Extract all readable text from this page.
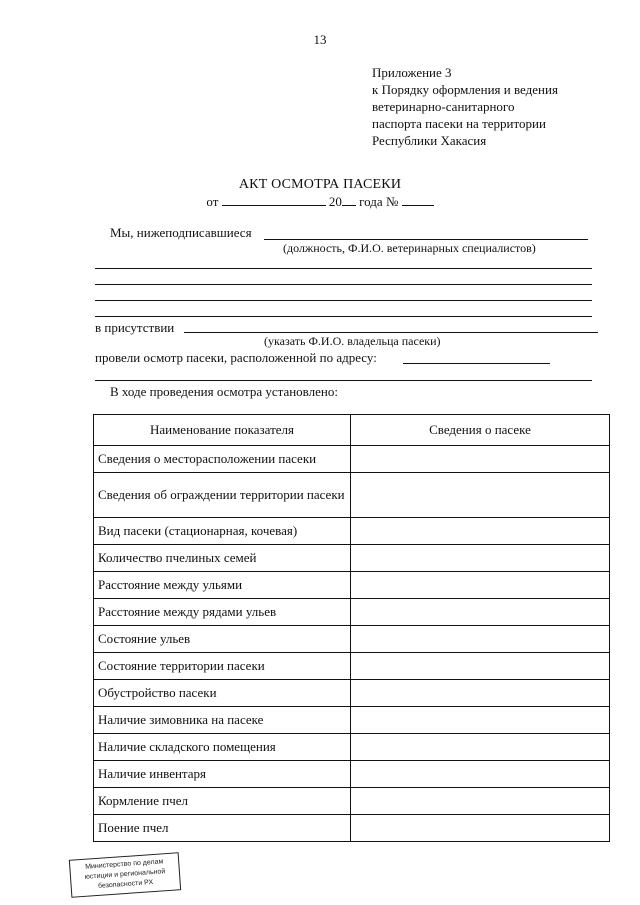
13
Приложение 3
к Порядку оформления и ведения
ветеринарно-санитарного
паспорта пасеки на территории
Республики Хакасия
АКТ ОСМОТРА ПАСЕКИ
от	20 года №
Мы, нижеподписавшиеся
(должность, Ф.И.О. ветеринарных специалистов)
в присутствии
(указать Ф.И.О. владельца пасеки)
провели осмотр пасеки, расположенной по адресу:
В ходе проведения осмотра установлено:
Наименование показателя	Сведения о пасеке
Сведения о месторасположении пасеки	
Сведения об ограждении территории пасеки	
Вид пасеки (стационарная, кочевая)	
Количество пчелиных семей	
Расстояние между ульями	
Расстояние между рядами ульев	
Состояние ульев	
Состояние территории пасеки	
Обустройство пасеки	
Наличие зимовника на пасеке	
Наличие складского помещения	
Наличие инвентаря	
Кормление пчел	
Поение пчел	
Министерство по делам
юстиции и региональной
безопасности РХ
